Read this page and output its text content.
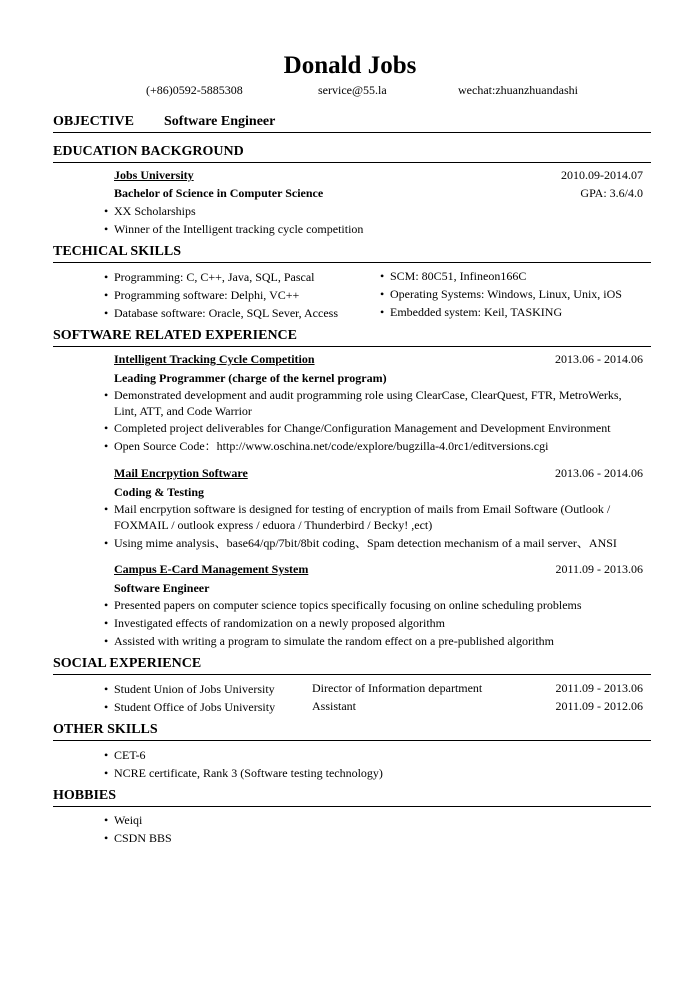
Donald Jobs
(+86)0592-5885308	service@55.la	wechat:zhuanzhuandashi
OBJECTIVE Software Engineer
EDUCATION BACKGROUND
Jobs University	2010.09-2014.07
Bachelor of Science in Computer Science	GPA: 3.6/4.0
• XX Scholarships
• Winner of the Intelligent tracking cycle competition
TECHICAL SKILLS
• Programming: C, C++, Java, SQL, Pascal
• Programming software: Delphi, VC++
• Database software: Oracle, SQL Sever, Access
• SCM: 80C51, Infineon166C
• Operating Systems: Windows, Linux, Unix, iOS
• Embedded system: Keil, TASKING
SOFTWARE RELATED EXPERIENCE
Intelligent Tracking Cycle Competition	2013.06 - 2014.06
Leading Programmer (charge of the kernel program)
• Demonstrated development and audit programming role using ClearCase, ClearQuest, FTR, MetroWerks,
Lint, ATT, and Code Warrior
• Completed project deliverables for Change/Configuration Management and Development Environment
• Open Source Code：http://www.oschina.net/code/explore/bugzilla-4.0rc1/editversions.cgi
Mail Encrpytion Software	2013.06 - 2014.06
Coding & Testing
• Mail encrpytion software is designed for testing of encryption of mails from Email Software (Outlook /
FOXMAIL / outlook express / eduora / Thunderbird / Becky! ,ect)
• Using mime analysis、base64/qp/7bit/8bit coding、Spam detection mechanism of a mail server、ANSI
Campus E-Card Management System	2011.09 - 2013.06
Software Engineer
• Presented papers on computer science topics specifically focusing on online scheduling problems
• Investigated effects of randomization on a newly proposed algorithm
• Assisted with writing a program to simulate the random effect on a pre-published algorithm
SOCIAL EXPERIENCE
• Student Union of Jobs University	Director of Information department	2011.09 - 2013.06
• Student Office of Jobs University	Assistant	2011.09 - 2012.06
OTHER SKILLS
• CET-6
• NCRE certificate, Rank 3 (Software testing technology)
HOBBIES
• Weiqi
• CSDN BBS
